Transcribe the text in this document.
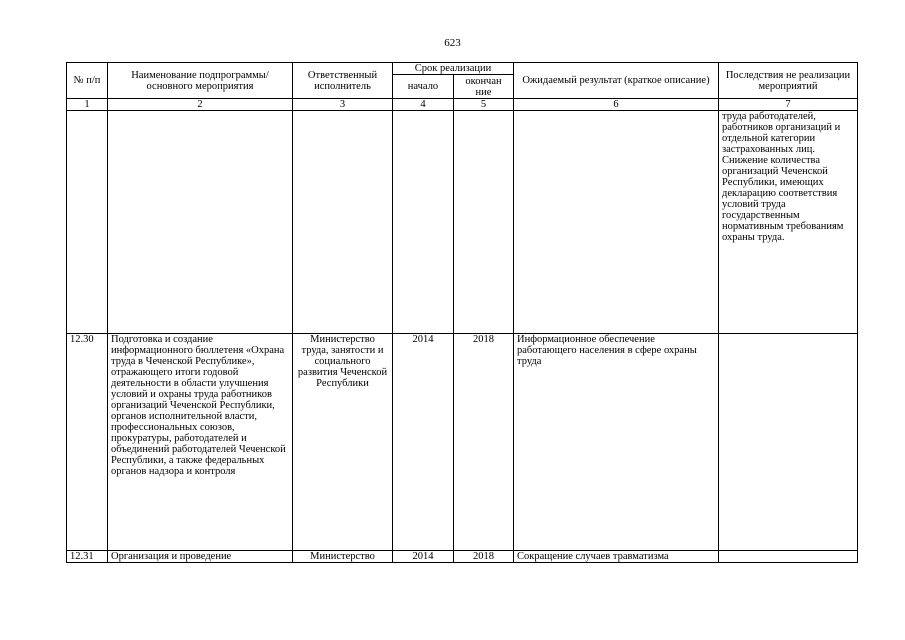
623
№ п/п	Наименование подпрограммы/ основного мероприятия	Ответственный исполнитель	Срок реализации		Ожидаемый результат (краткое описание)	Последствия не реализации мероприятий
			начало	окончан ние		
1	2	3	4	5	6	7
						труда работодателей, работников организаций и отдельной категории застрахованных лиц. Снижение количества организаций Чеченской Республики, имеющих декларацию соответствия условий труда государственным нормативным требованиям охраны труда.
12.30	Подготовка и создание информационного бюллетеня «Охрана труда в Чеченской Республике», отражающего итоги годовой деятельности в области улучшения условий и охраны труда работников организаций Чеченской Республики, органов исполнительной власти, профессиональных союзов, прокуратуры, работодателей и объединений работодателей Чеченской Республики, а также федеральных органов надзора и контроля	Министерство труда, занятости и социального развития Чеченской Республики	2014	2018	Информационное обеспечение работающего населения в сфере охраны труда	
12.31	Организация и проведение	Министерство	2014	2018	Сокращение случаев травматизма	
